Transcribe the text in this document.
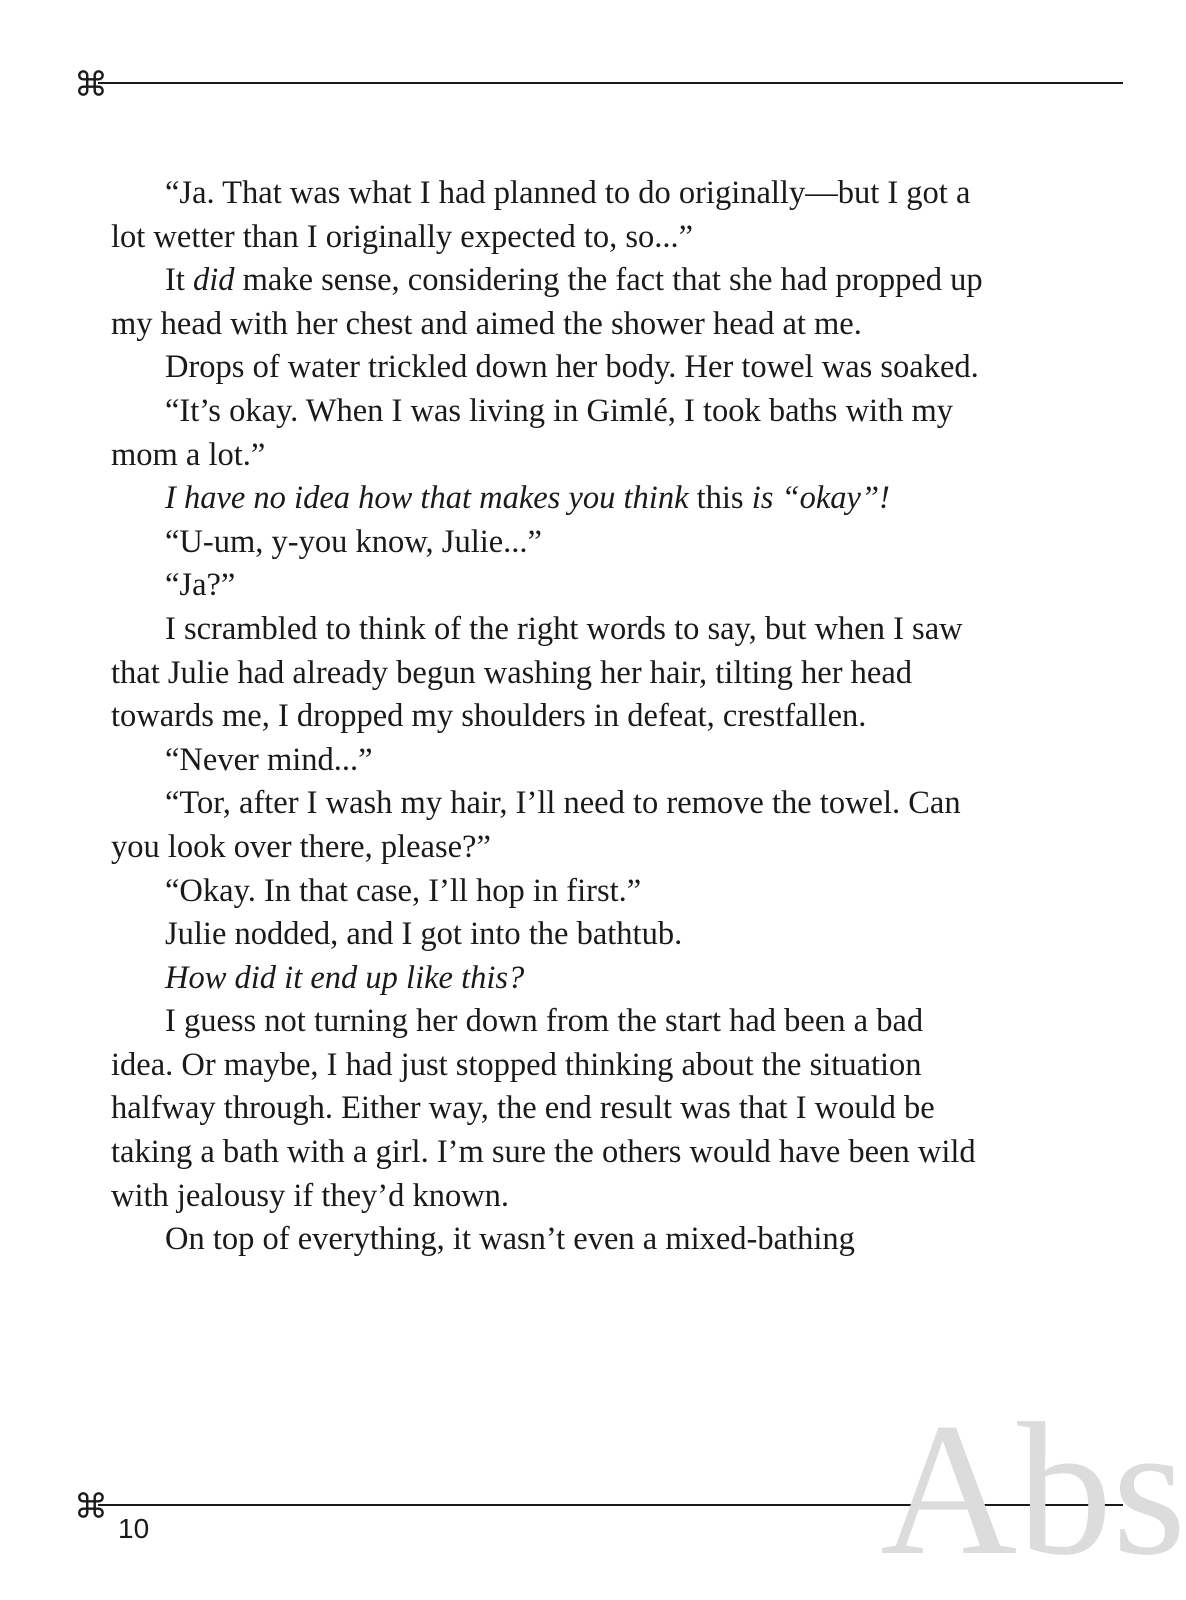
⌘

“Ja. That was what I had planned to do originally—but I got a lot wetter than I originally expected to, so...”

It did make sense, considering the fact that she had propped up my head with her chest and aimed the shower head at me.

Drops of water trickled down her body. Her towel was soaked.

“It’s okay. When I was living in Gimlé, I took baths with my mom a lot.”

I have no idea how that makes you think this is “okay”!

“U-um, y-you know, Julie...”

“Ja?”

I scrambled to think of the right words to say, but when I saw that Julie had already begun washing her hair, tilting her head towards me, I dropped my shoulders in defeat, crestfallen.

“Never mind...”

“Tor, after I wash my hair, I’ll need to remove the towel. Can you look over there, please?”

“Okay. In that case, I’ll hop in first.”

Julie nodded, and I got into the bathtub.

How did it end up like this?

I guess not turning her down from the start had been a bad idea. Or maybe, I had just stopped thinking about the situation halfway through. Either way, the end result was that I would be taking a bath with a girl. I’m sure the others would have been wild with jealousy if they’d known.

On top of everything, it wasn’t even a mixed-bathing

⌘
10	Abs
